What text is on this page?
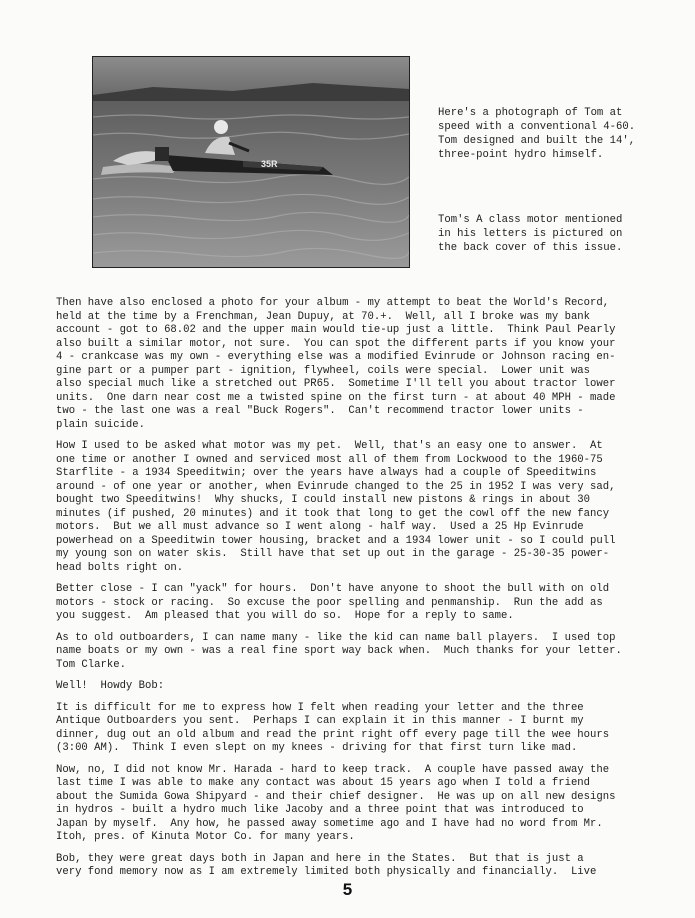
35R
Here's a photograph of Tom at
speed with a conventional 4-60.
Tom designed and built the 14',
three-point hydro himself.
Tom's A class motor mentioned
in his letters is pictured on
the back cover of this issue.

Then have also enclosed a photo for your album - my attempt to beat the World's Record,
held at the time by a Frenchman, Jean Dupuy, at 70.+.  Well, all I broke was my bank
account - got to 68.02 and the upper main would tie-up just a little.  Think Paul Pearly
also built a similar motor, not sure.  You can spot the different parts if you know your
4 - crankcase was my own - everything else was a modified Evinrude or Johnson racing en-
gine part or a pumper part - ignition, flywheel, coils were special.  Lower unit was
also special much like a stretched out PR65.  Sometime I'll tell you about tractor lower
units.  One darn near cost me a twisted spine on the first turn - at about 40 MPH - made
two - the last one was a real "Buck Rogers".  Can't recommend tractor lower units -
plain suicide.

How I used to be asked what motor was my pet.  Well, that's an easy one to answer.  At
one time or another I owned and serviced most all of them from Lockwood to the 1960-75
Starflite - a 1934 Speeditwin; over the years have always had a couple of Speeditwins
around - of one year or another, when Evinrude changed to the 25 in 1952 I was very sad,
bought two Speeditwins!  Why shucks, I could install new pistons & rings in about 30
minutes (if pushed, 20 minutes) and it took that long to get the cowl off the new fancy
motors.  But we all must advance so I went along - half way.  Used a 25 Hp Evinrude
powerhead on a Speeditwin tower housing, bracket and a 1934 lower unit - so I could pull
my young son on water skis.  Still have that set up out in the garage - 25-30-35 power-
head bolts right on.

Better close - I can "yack" for hours.  Don't have anyone to shoot the bull with on old
motors - stock or racing.  So excuse the poor spelling and penmanship.  Run the add as
you suggest.  Am pleased that you will do so.  Hope for a reply to same.

As to old outboarders, I can name many - like the kid can name ball players.  I used top
name boats or my own - was a real fine sport way back when.  Much thanks for your letter.
Tom Clarke.

Well!  Howdy Bob:

It is difficult for me to express how I felt when reading your letter and the three
Antique Outboarders you sent.  Perhaps I can explain it in this manner - I burnt my
dinner, dug out an old album and read the print right off every page till the wee hours
(3:00 AM).  Think I even slept on my knees - driving for that first turn like mad.

Now, no, I did not know Mr. Harada - hard to keep track.  A couple have passed away the
last time I was able to make any contact was about 15 years ago when I told a friend
about the Sumida Gowa Shipyard - and their chief designer.  He was up on all new designs
in hydros - built a hydro much like Jacoby and a three point that was introduced to
Japan by myself.  Any how, he passed away sometime ago and I have had no word from Mr.
Itoh, pres. of Kinuta Motor Co. for many years.

Bob, they were great days both in Japan and here in the States.  But that is just a
very fond memory now as I am extremely limited both physically and financially.  Live

5
